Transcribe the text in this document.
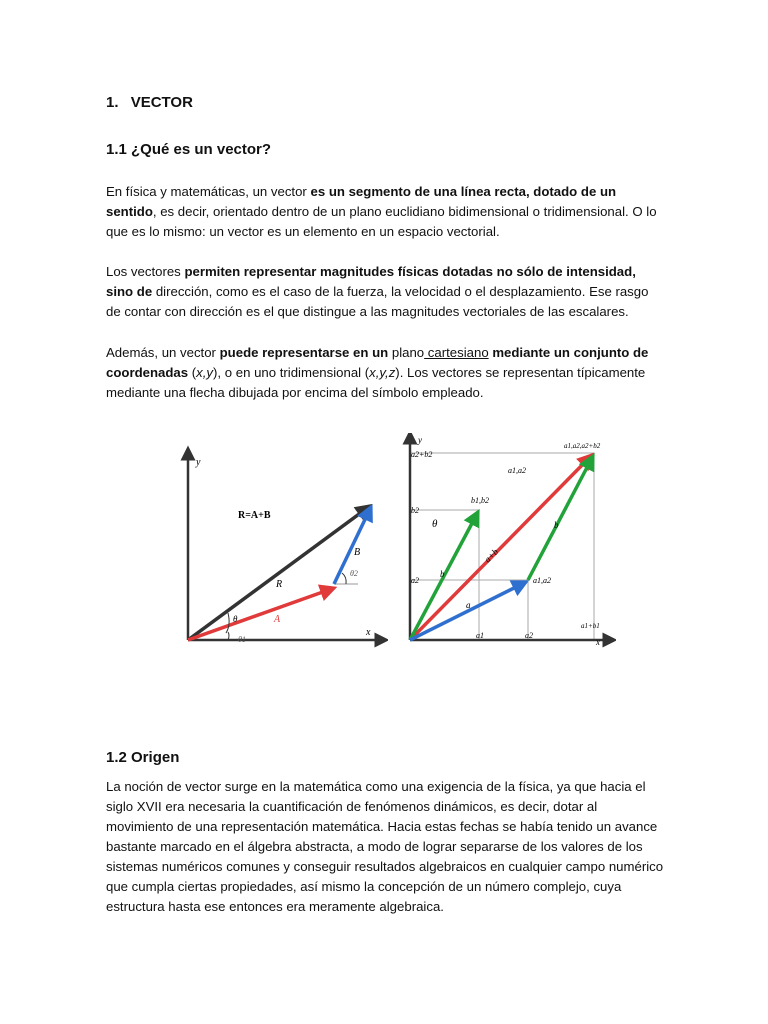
1. VECTOR
1.1 ¿Qué es un vector?

En física y matemáticas, un vector es un segmento de una línea recta, dotado de un sentido, es decir, orientado dentro de un plano euclidiano bidimensional o tridimensional. O lo que es lo mismo: un vector es un elemento en un espacio vectorial.

Los vectores permiten representar magnitudes físicas dotadas no sólo de intensidad, sino de dirección, como es el caso de la fuerza, la velocidad o el desplazamiento. Ese rasgo de contar con dirección es el que distingue a las magnitudes vectoriales de las escalares.

Además, un vector puede representarse en un plano cartesiano mediante un conjunto de coordenadas (x,y), o en uno tridimensional (x,y,z). Los vectores se representan típicamente mediante una flecha dibujada por encima del símbolo empleado.

y
x
R=A+B
R
A
B
θ
θ1
θ2
y
x
a2+b2
a1,a2,a2+b2
a1,a2
b2
b1,b2
θ
b
b
a+b
a
a2	a1,a2
a1	a2
a1+b1
1.2 Origen

La noción de vector surge en la matemática como una exigencia de la física, ya que hacia el siglo XVII era necesaria la cuantificación de fenómenos dinámicos, es decir, dotar al movimiento de una representación matemática. Hacia estas fechas se había tenido un avance bastante marcado en el álgebra abstracta, a modo de lograr separarse de los valores de los sistemas numéricos comunes y conseguir resultados algebraicos en cualquier campo numérico que cumpla ciertas propiedades, así mismo la concepción de un número complejo, cuya estructura hasta ese entonces era meramente algebraica.
